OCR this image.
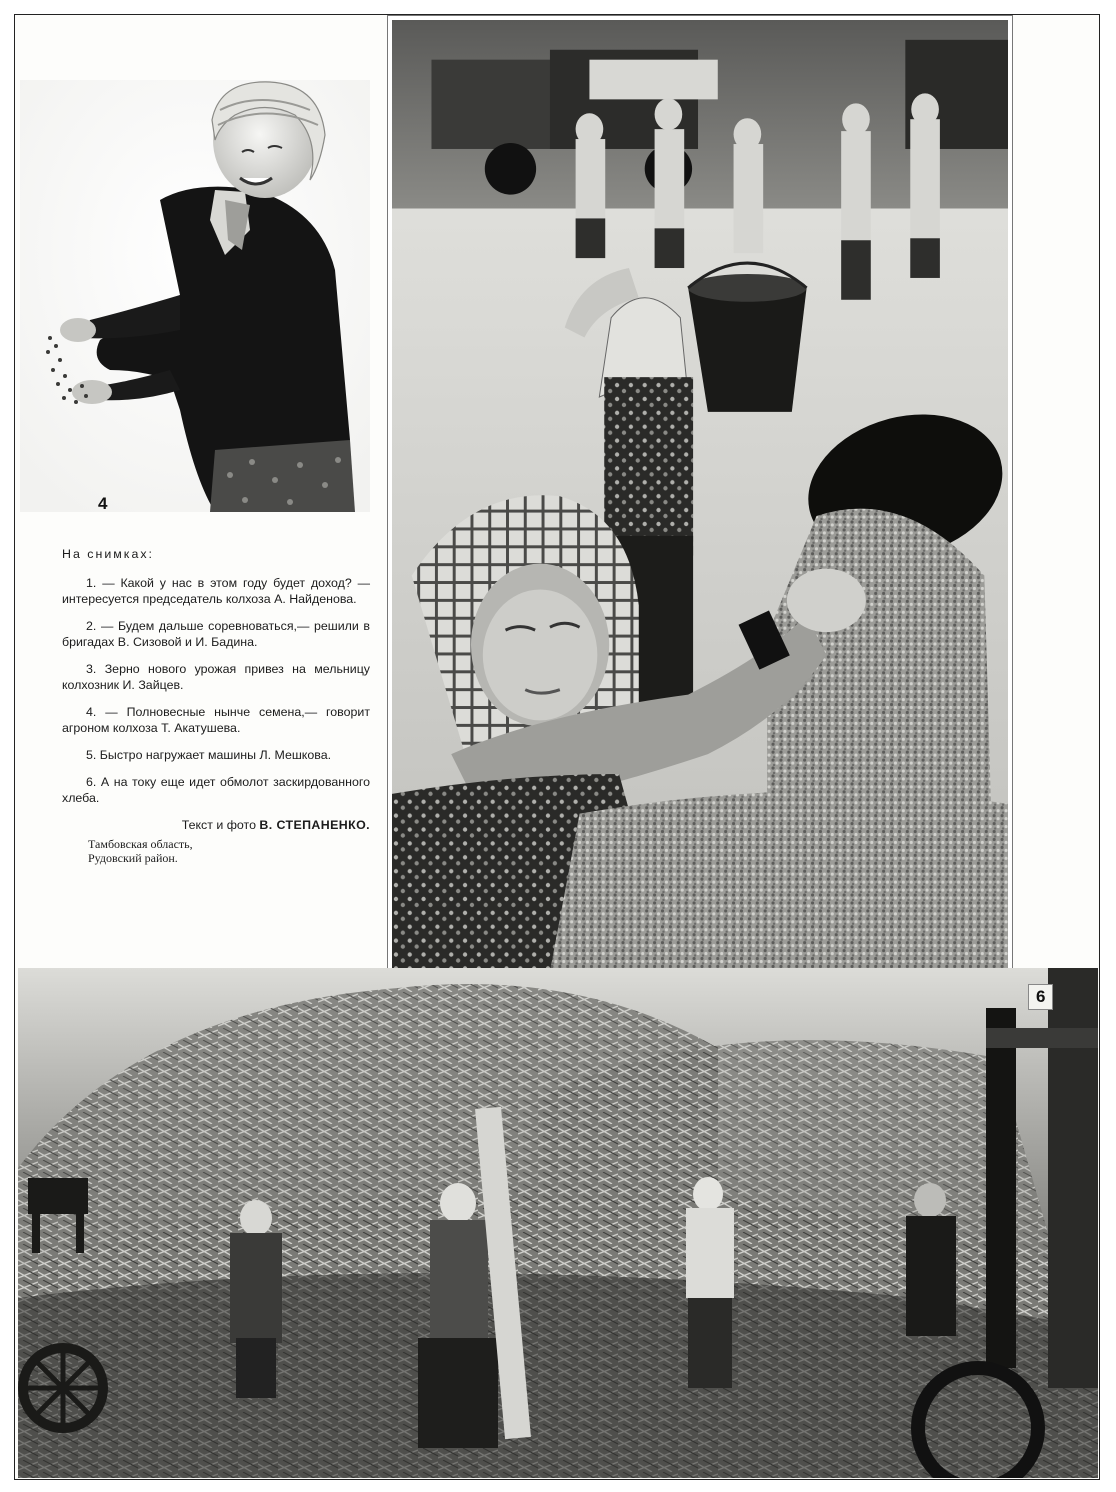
4
6
На снимках:
1. — Какой у нас в этом году будет доход? — интересуется председатель колхоза А. Найденова.
2. — Будем дальше соревноваться,— решили в бригадах В. Сизовой и И. Бадина.
3. Зерно нового урожая привез на мельницу колхозник И. Зайцев.
4. — Полновесные нынче семена,— говорит агроном колхоза Т. Акатушева.
5. Быстро нагружает машины Л. Мешкова.
6. А на току еще идет обмолот заскирдованного хлеба.
Текст и фото В. СТЕПАНЕНКО.
Тамбовская область,
Рудовский район.
